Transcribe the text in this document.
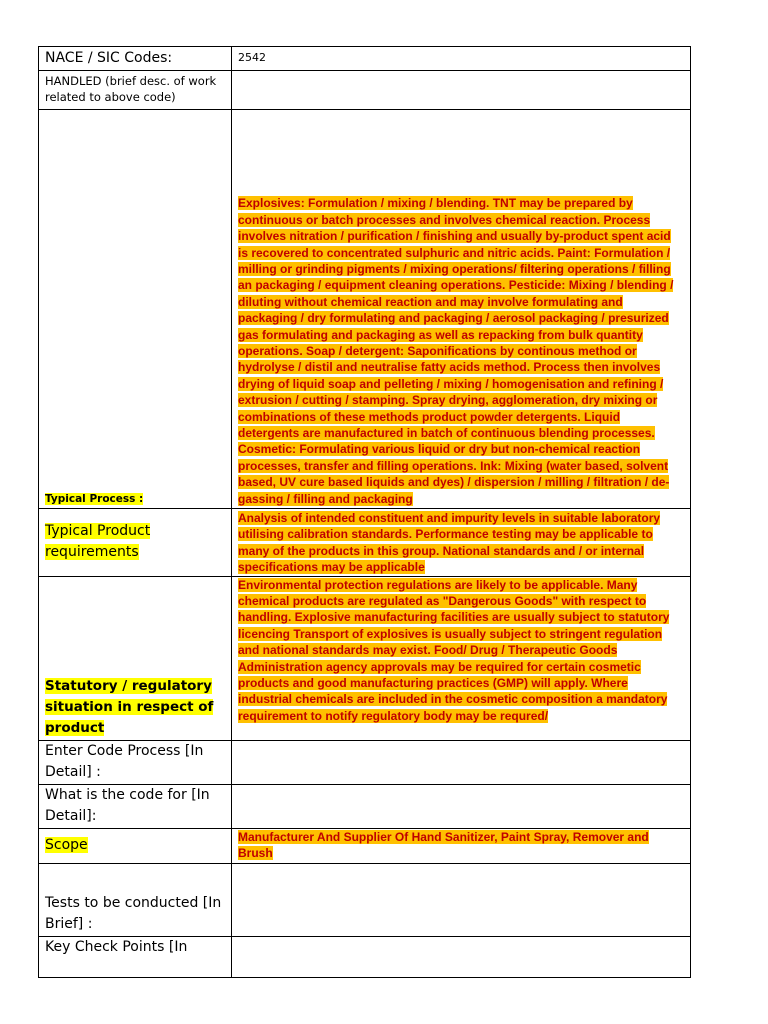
NACE / SIC Codes:	2542
HANDLED (brief desc. of work related to above code)	
Typical Process :	Explosives: Formulation / mixing / blending. TNT may be prepared by continuous or batch processes and involves chemical reaction. Process involves nitration / purification / finishing and usually by-product spent acid is recovered to concentrated sulphuric and nitric acids. Paint: Formulation / milling or grinding pigments / mixing operations/ filtering operations / filling an packaging / equipment cleaning operations. Pesticide: Mixing / blending / diluting without chemical reaction and may involve formulating and packaging / dry formulating and packaging / aerosol packaging / presurized gas formulating and packaging as well as repacking from bulk quantity operations. Soap / detergent: Saponifications by continous method or hydrolyse / distil and neutralise fatty acids method. Process then involves drying of liquid soap and pelleting / mixing / homogenisation and refining / extrusion / cutting / stamping. Spray drying, agglomeration, dry mixing or combinations of these methods product powder detergents. Liquid detergents are manufactured in batch of continuous blending processes. Cosmetic: Formulating various liquid or dry but non-chemical reaction processes, transfer and filling operations. Ink: Mixing (water based, solvent based, UV cure based liquids and dyes) / dispersion / milling / filtration / de-gassing / filling and packaging
Typical Product requirements	Analysis of intended constituent and impurity levels in suitable laboratory utilising calibration standards. Performance testing may be applicable to many of the products in this group. National standards and / or internal specifications may be applicable
Statutory / regulatory situation in respect of product	Environmental protection regulations are likely to be applicable. Many chemical products are regulated as "Dangerous Goods" with respect to handling. Explosive manufacturing facilities are usually subject to statutory licencing Transport of explosives is usually subject to stringent regulation and national standards may exist. Food/ Drug / Therapeutic Goods Administration agency approvals may be required for certain cosmetic products and good manufacturing practices (GMP) will apply. Where industrial chemicals are included in the cosmetic composition a mandatory requirement to notify regulatory body may be requred/
Enter Code Process [In Detail] :	
What is the code for [In Detail]:	
Scope	Manufacturer And Supplier Of Hand Sanitizer, Paint Spray, Remover and Brush
Tests to be conducted [In Brief] :	
Key Check Points [In	
